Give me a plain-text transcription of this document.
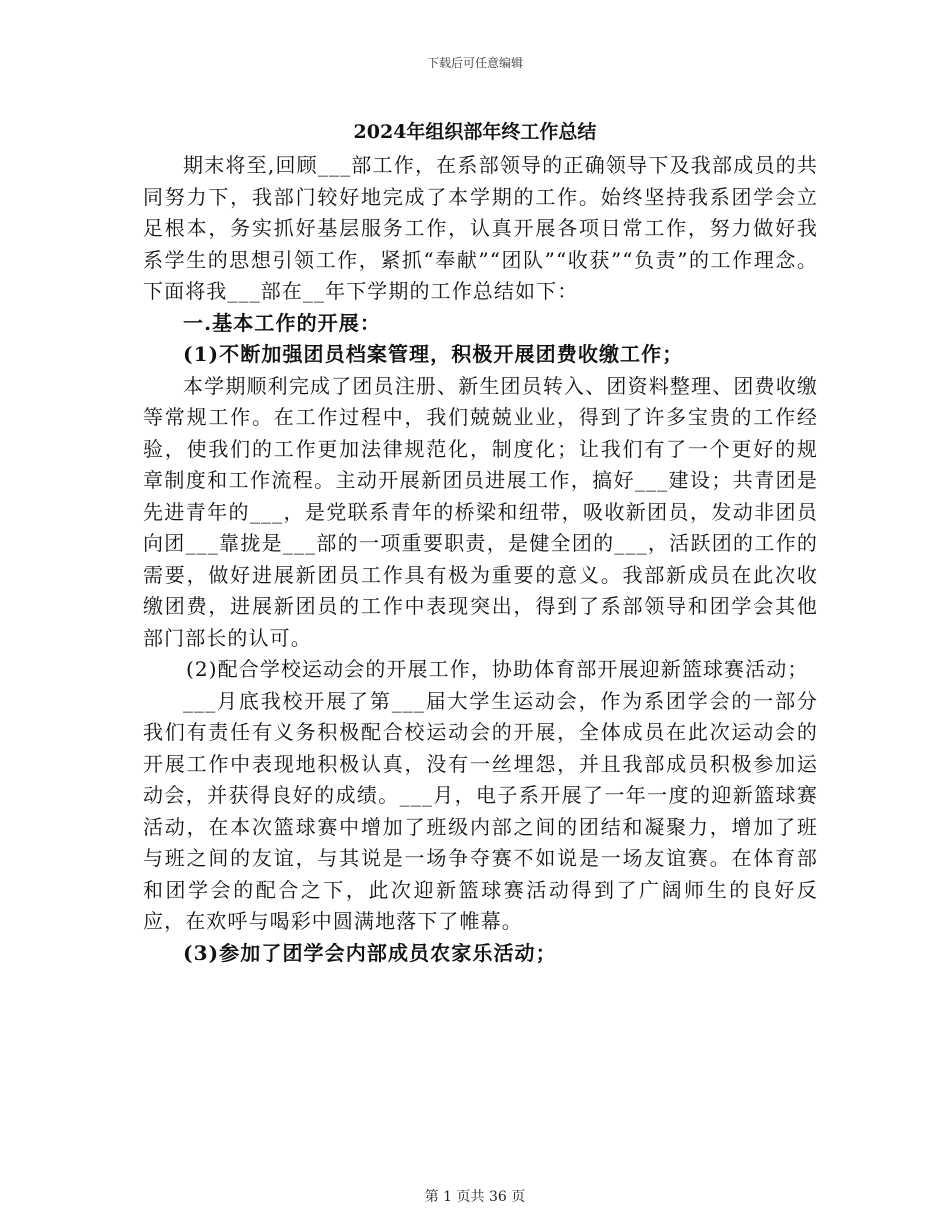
下载后可任意编辑
2024年组织部年终工作总结

期末将至,回顾___部工作，在系部领导的正确领导下及我部成员的共同努力下，我部门较好地完成了本学期的工作。始终坚持我系团学会立足根本，务实抓好基层服务工作，认真开展各项日常工作，努力做好我系学生的思想引领工作，紧抓“奉献”“团队”“收获”“负责”的工作理念。下面将我___部在__年下学期的工作总结如下：

一.基本工作的开展：

(1)不断加强团员档案管理，积极开展团费收缴工作；

本学期顺利完成了团员注册、新生团员转入、团资料整理、团费收缴等常规工作。在工作过程中，我们兢兢业业，得到了许多宝贵的工作经验，使我们的工作更加法律规范化，制度化；让我们有了一个更好的规章制度和工作流程。主动开展新团员进展工作，搞好___建设；共青团是先进青年的___，是党联系青年的桥梁和纽带，吸收新团员，发动非团员向团___靠拢是___部的一项重要职责，是健全团的___，活跃团的工作的需要，做好进展新团员工作具有极为重要的意义。我部新成员在此次收缴团费，进展新团员的工作中表现突出，得到了系部领导和团学会其他部门部长的认可。

(2)配合学校运动会的开展工作，协助体育部开展迎新篮球赛活动；

___月底我校开展了第___届大学生运动会，作为系团学会的一部分我们有责任有义务积极配合校运动会的开展，全体成员在此次运动会的开展工作中表现地积极认真，没有一丝埋怨，并且我部成员积极参加运动会，并获得良好的成绩。___月，电子系开展了一年一度的迎新篮球赛活动，在本次篮球赛中增加了班级内部之间的团结和凝聚力，增加了班与班之间的友谊，与其说是一场争夺赛不如说是一场友谊赛。在体育部和团学会的配合之下，此次迎新篮球赛活动得到了广阔师生的良好反应，在欢呼与喝彩中圆满地落下了帷幕。

(3)参加了团学会内部成员农家乐活动；

第 1 页共 36 页
